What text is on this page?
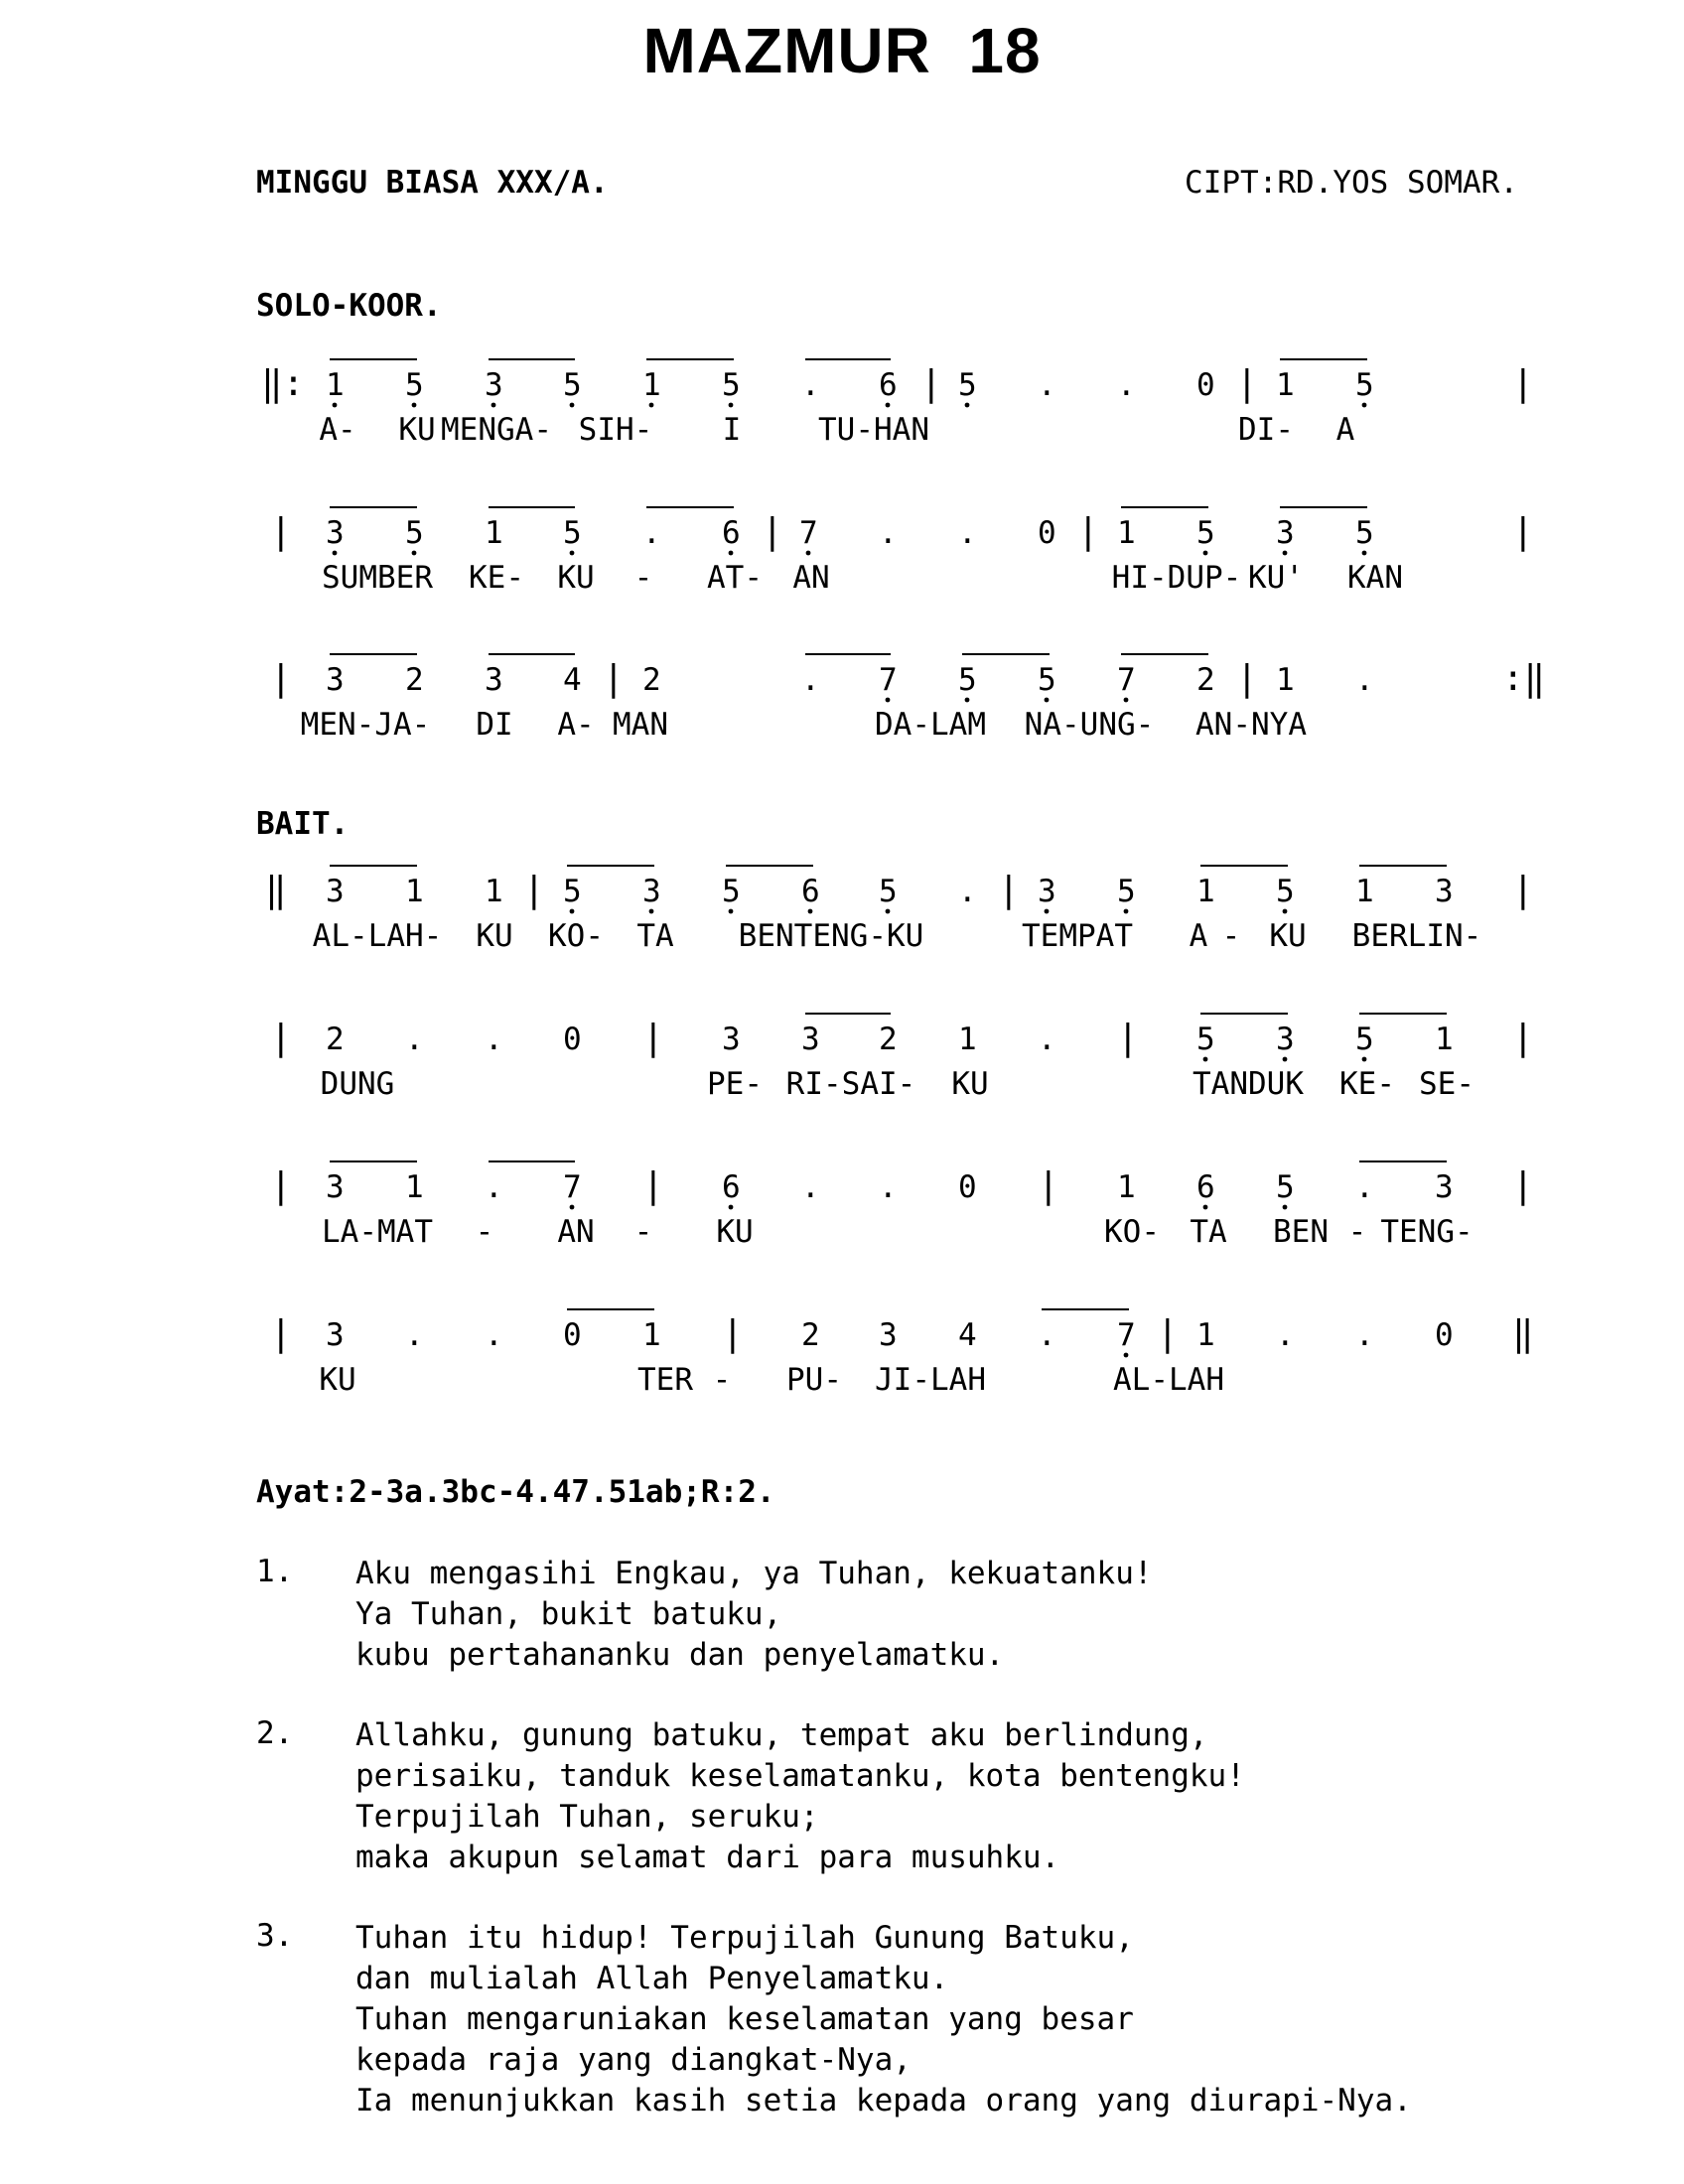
MAZMUR  18
MINGGU BIASA XXX/A.	CIPT:RD.YOS SOMAR.
SOLO-KOOR.
BAIT.
Ayat:2-3a.3bc-4.47.51ab;R:2.
‖: 1 5 3 5 1 5 . 6 | 5 . . 0 | 1 5	|
A- KU MENGA- SIH- I	TU-HAN	DI- A
| 3 5 1 5 . 6 | 7 . . 0 | 1 5 3 5	|
SUMBER KE- KU - AT- AN	HI-DUP- KU' KAN
| 3 2 3 4 | 2	. 7 5 5 7 2 | 1 .	:‖
MEN-JA- DI A- MAN	DA-LAM NA-UNG- AN-NYA
‖ 3 1 1 | 5 3 5 6 5 . | 3 5 1 5 1 3 |
AL-LAH- KU KO- TA BENTENG-KU	TEMPAT A - KU BERLIN-
| 2 . . 0 | 3 3 2 1 . | 5 3 5 1 |
DUNG	PE- RI-SAI- KU	TANDUK KE- SE-
| 3 1 . 7 | 6 . . 0 | 1 6 5 . 3 |
LA-MAT - AN - KU	KO- TA BEN - TENG-
| 3 . . 0 1 | 2 3 4 . 7 | 1 . . 0 ‖
KU	TER - PU- JI-LAH	AL-LAH
1. Aku mengasihi Engkau, ya Tuhan, kekuatanku!
Ya Tuhan, bukit batuku,
kubu pertahananku dan penyelamatku.
2. Allahku, gunung batuku, tempat aku berlindung,
perisaiku, tanduk keselamatanku, kota bentengku!
Terpujilah Tuhan, seruku;
maka akupun selamat dari para musuhku.
3. Tuhan itu hidup! Terpujilah Gunung Batuku,
dan mulialah Allah Penyelamatku.
Tuhan mengaruniakan keselamatan yang besar
kepada raja yang diangkat-Nya,
Ia menunjukkan kasih setia kepada orang yang diurapi-Nya.
